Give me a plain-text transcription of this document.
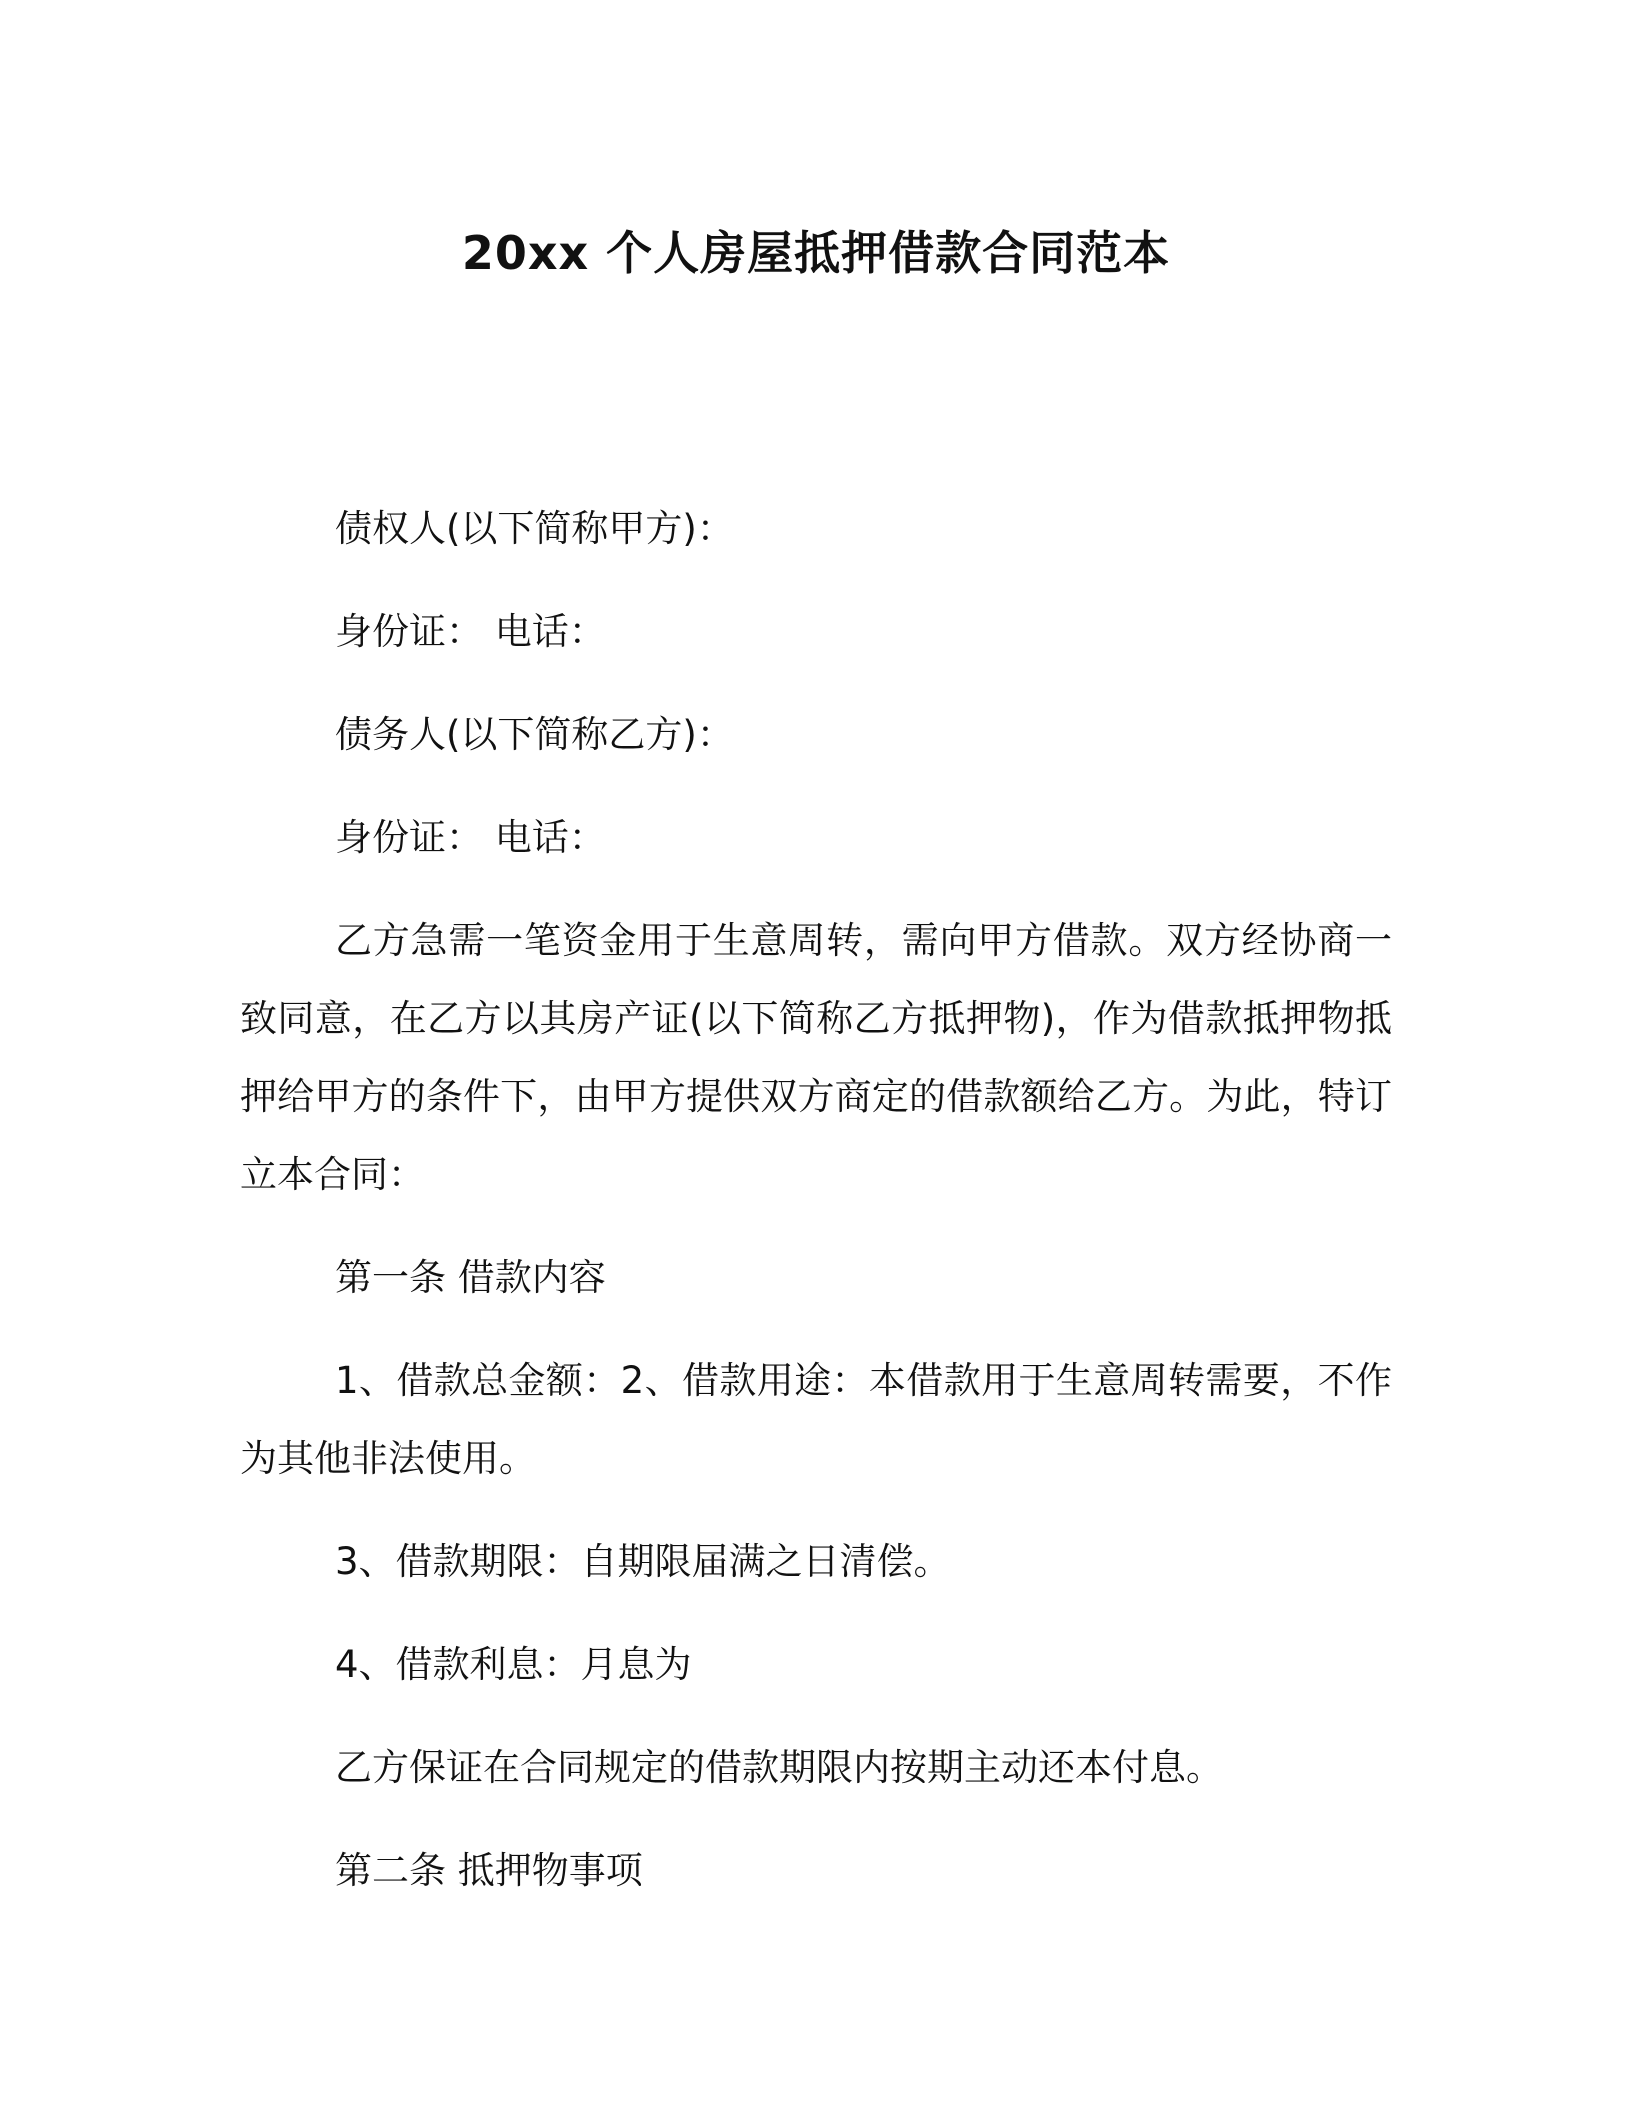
20xx 个人房屋抵押借款合同范本

债权人(以下简称甲方)：

身份证： 电话：

债务人(以下简称乙方)：

身份证： 电话：

乙方急需一笔资金用于生意周转，需向甲方借款。双方经协商一致同意，在乙方以其房产证(以下简称乙方抵押物)，作为借款抵押物抵押给甲方的条件下，由甲方提供双方商定的借款额给乙方。为此，特订立本合同：

第一条 借款内容

1、借款总金额：2、借款用途：本借款用于生意周转需要，不作为其他非法使用。

3、借款期限：自期限届满之日清偿。

4、借款利息：月息为

乙方保证在合同规定的借款期限内按期主动还本付息。

第二条 抵押物事项
